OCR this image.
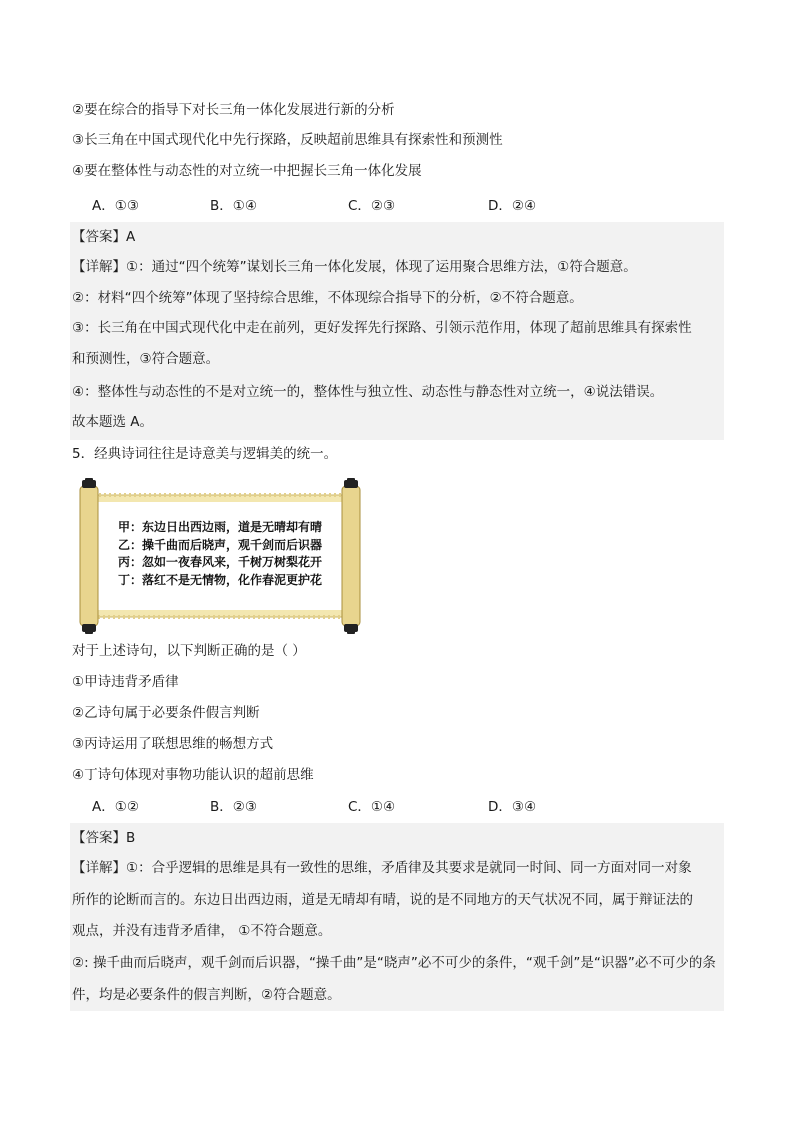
②要在综合的指导下对长三角一体化发展进行新的分析
③长三角在中国式现代化中先行探路，反映超前思维具有探索性和预测性
④要在整体性与动态性的对立统一中把握长三角一体化发展
A．①③	B．①④	C．②③	D．②④
【答案】A
【详解】①：通过“四个统筹”谋划长三角一体化发展，体现了运用聚合思维方法，①符合题意。
②：材料“四个统筹”体现了坚持综合思维，不体现综合指导下的分析，②不符合题意。
③：长三角在中国式现代化中走在前列，更好发挥先行探路、引领示范作用，体现了超前思维具有探索性
和预测性，③符合题意。
④：整体性与动态性的不是对立统一的，整体性与独立性、动态性与静态性对立统一，④说法错误。
故本题选 A。
5．经典诗词往往是诗意美与逻辑美的统一。
甲：东边日出西边雨，道是无晴却有晴
乙：操千曲而后晓声，观千剑而后识器
丙：忽如一夜春风来，千树万树梨花开
丁：落红不是无情物，化作春泥更护花
对于上述诗句，以下判断正确的是（ ）
①甲诗违背矛盾律
②乙诗句属于必要条件假言判断
③丙诗运用了联想思维的畅想方式
④丁诗句体现对事物功能认识的超前思维
A．①②	B．②③	C．①④	D．③④
【答案】B
【详解】①：合乎逻辑的思维是具有一致性的思维，矛盾律及其要求是就同一时间、同一方面对同一对象
所作的论断而言的。东边日出西边雨，道是无晴却有晴，说的是不同地方的天气状况不同，属于辩证法的
观点，并没有违背矛盾律， ①不符合题意。
②: 操千曲而后晓声，观千剑而后识器，“操千曲”是“晓声”必不可少的条件，“观千剑”是“识器”必不可少的条
件，均是必要条件的假言判断，②符合题意。
